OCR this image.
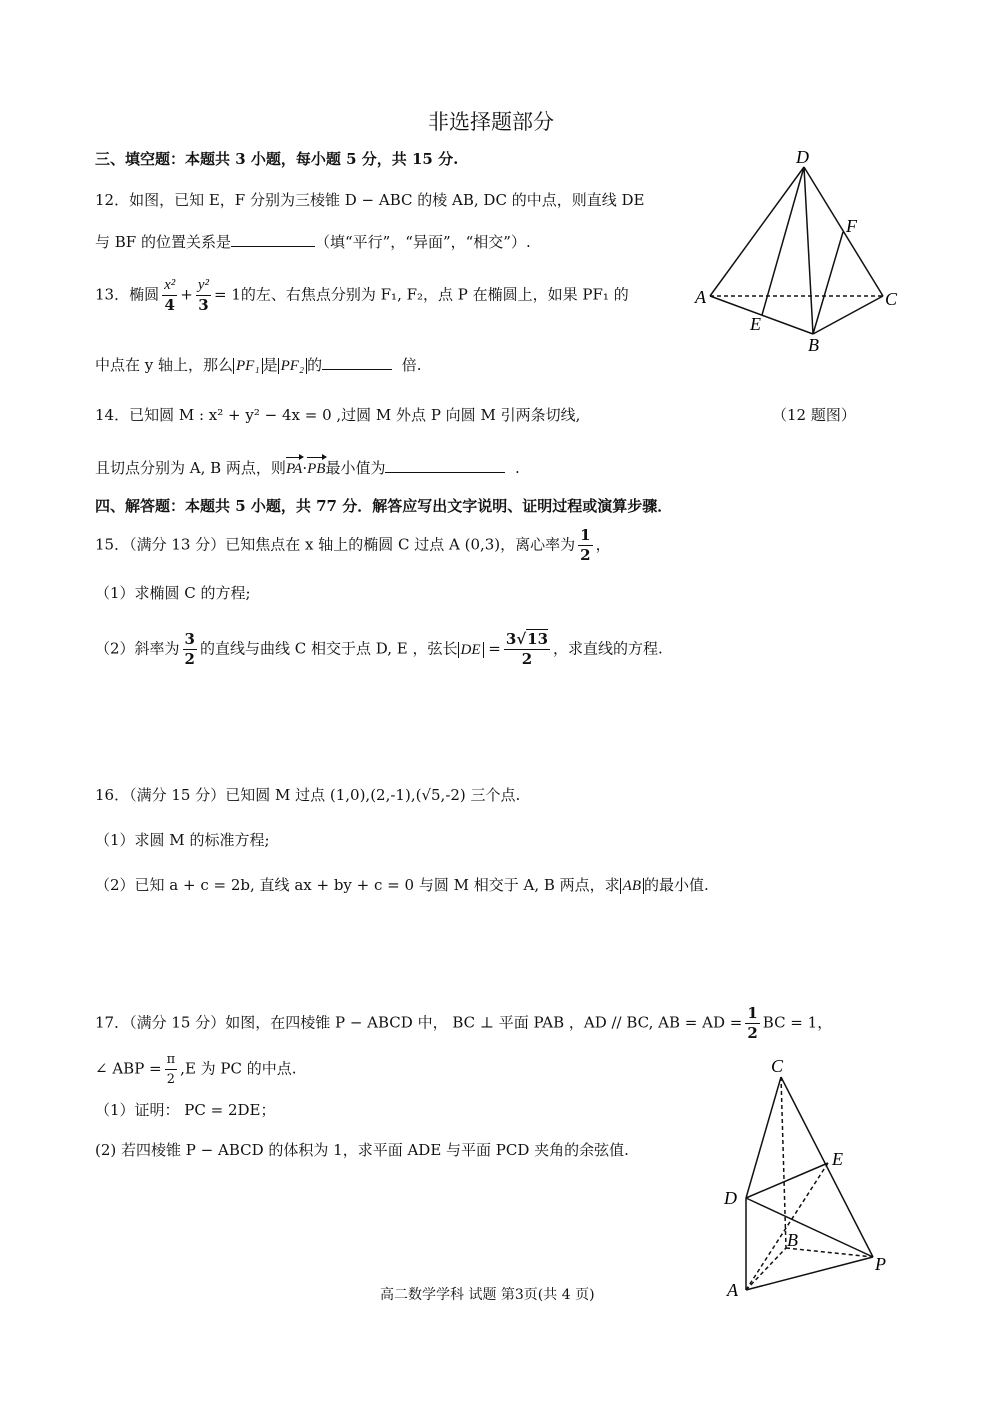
非选择题部分
三、填空题：本题共 3 小题，每小题 5 分，共 15 分.
12．如图，已知 E，F 分别为三棱锥 D − ABC 的棱 AB, DC 的中点，则直线 DE
与 BF 的位置关系是	（填“平行”，“异面”，“相交”）.
D
F
A	C
E
B
（12 题图）
13．椭圆 $\frac{\text{x²}}{4} + \frac{\text{y²}}{3} = 1$的左、右焦点分别为 F₁, F₂，点 P 在椭圆上，如果 PF₁ 的
中点在 y 轴上，那么 PF₁ 是 PF₂ 的	倍.
14．已知圆 M : x² + y² − 4x = 0 ,过圆 M 外点 P 向圆 M 引两条切线,
且切点分别为 A, B 两点，则PA·PB最小值为	.
四、解答题：本题共 5 小题，共 77 分．解答应写出文字说明、证明过程或演算步骤．
15．（满分 13 分）已知焦点在 x 轴上的椭圆 C 过点 A (0,3)，离心率为 $\frac{1}{2}$ ，
（1）求椭圆 C 的方程;
（2）斜率为 $\frac{3}{2}$ 的直线与曲线 C 相交于点 D, E ，弦长 DE = $\frac{3√13}{2}$ ，求直线的方程.
16．（满分 15 分）已知圆 M 过点 (1,0),(2,-1),(√5,-2) 三个点.
（1）求圆 M 的标准方程;
（2）已知 a + c = 2b, 直线 ax + by + c = 0 与圆 M 相交于 A, B 两点，求 AB 的最小值.
17．（满分 15 分）如图，在四棱锥 P − ABCD 中， BC ⊥ 平面 PAB ，AD // BC, AB = AD = $\frac{1}{2}$ BC = 1，
∠ ABP = $\frac{\pi}{2} ,E$ 为 PC 的中点.
（1）证明： PC = 2DE；
(2) 若四棱锥 P − ABCD 的体积为 1，求平面 ADE 与平面 PCD 夹角的余弦值.
C
E
D
B
P
A
高二数学学科 试题 第3页(共 4 页)
